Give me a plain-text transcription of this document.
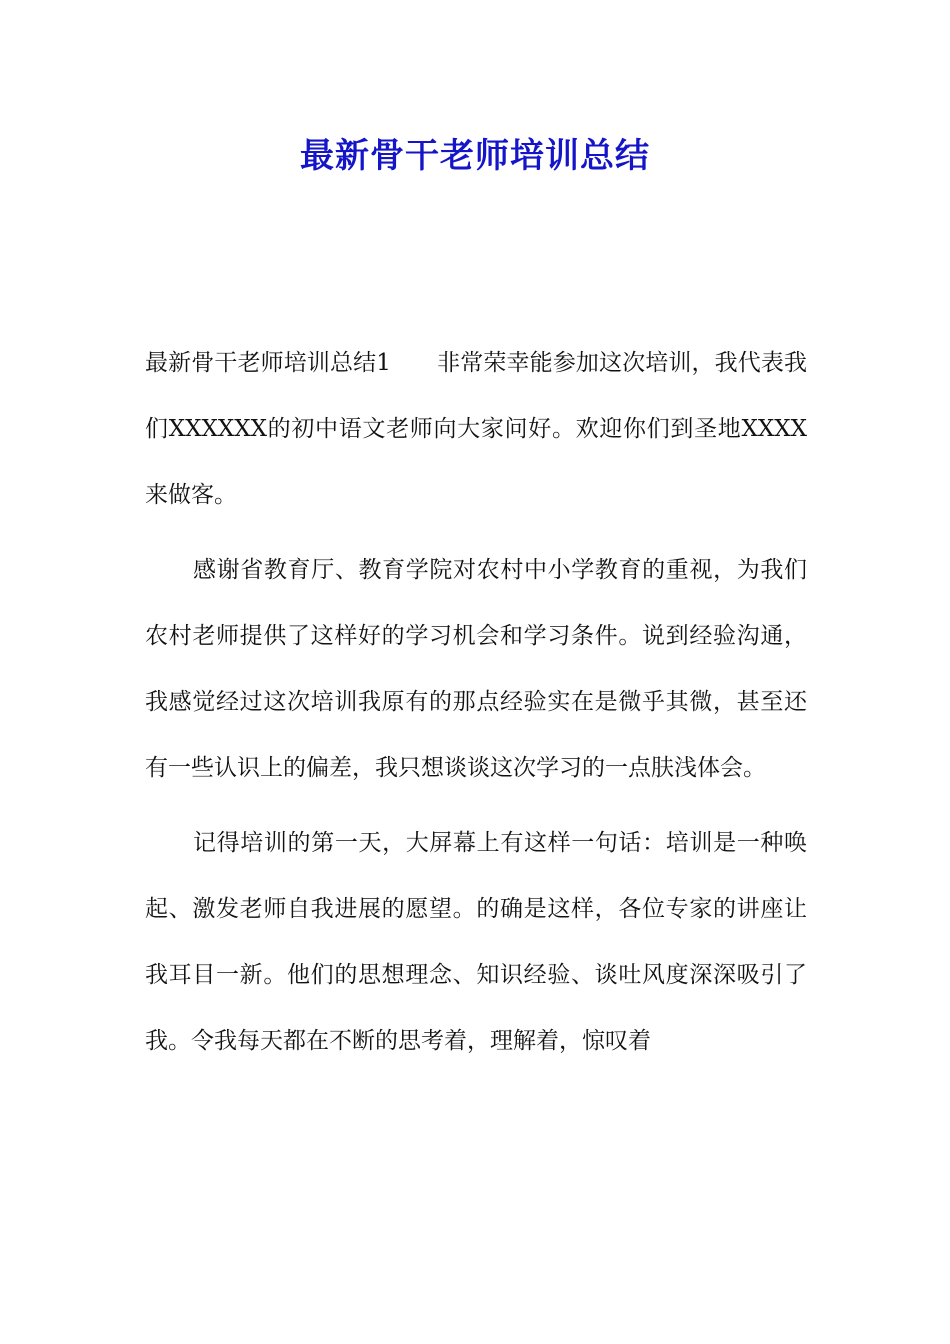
最新骨干老师培训总结

最新骨干老师培训总结1 非常荣幸能参加这次培训，我代表我们XXXXXX的初中语文老师向大家问好。欢迎你们到圣地XXXX来做客。

感谢省教育厅、教育学院对农村中小学教育的重视，为我们农村老师提供了这样好的学习机会和学习条件。说到经验沟通，我感觉经过这次培训我原有的那点经验实在是微乎其微，甚至还有一些认识上的偏差，我只想谈谈这次学习的一点肤浅体会。

记得培训的第一天，大屏幕上有这样一句话：培训是一种唤起、激发老师自我进展的愿望。的确是这样，各位专家的讲座让我耳目一新。他们的思想理念、知识经验、谈吐风度深深吸引了我。令我每天都在不断的思考着，理解着，惊叹着
